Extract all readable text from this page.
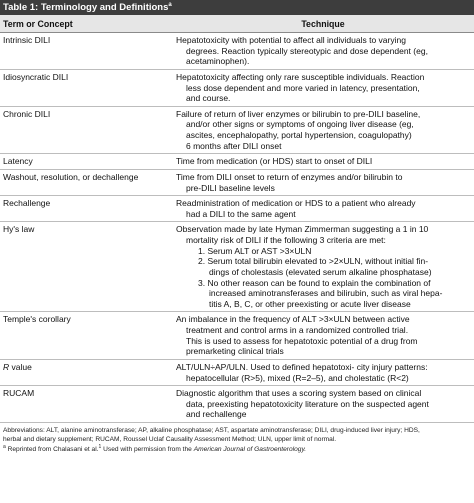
Table 1: Terminology and Definitions$^a$
Term or Concept	Technique
Intrinsic DILI	Hepatotoxicity with potential to affect all individuals to varying
degrees. Reaction typically stereotypic and dose dependent (eg,
acetaminophen).
Idiosyncratic DILI	Hepatotoxicity affecting only rare susceptible individuals. Reaction
less dose dependent and more varied in latency, presentation,
and course.
Chronic DILI	Failure of return of liver enzymes or bilirubin to pre-DILI baseline,
and/or other signs or symptoms of ongoing liver disease (eg,
ascites, encephalopathy, portal hypertension, coagulopathy)
6 months after DILI onset
Latency	Time from medication (or HDS) start to onset of DILI
Washout, resolution, or dechallenge	Time from DILI onset to return of enzymes and/or bilirubin to
pre-DILI baseline levels
Rechallenge	Readministration of medication or HDS to a patient who already
had a DILI to the same agent
Hy's law	Observation made by late Hyman Zimmerman suggesting a 1 in 10
mortality risk of DILI if the following 3 criteria are met:
1. Serum ALT or AST >3×ULN
2. Serum total bilirubin elevated to >2×ULN, without initial fin-
dings of cholestasis (elevated serum alkaline phosphatase)
3. No other reason can be found to explain the combination of
increased aminotransferases and bilirubin, such as viral hepa-
titis A, B, C, or other preexisting or acute liver disease
Temple's corollary	An imbalance in the frequency of ALT >3×ULN between active
treatment and control arms in a randomized controlled trial.
This is used to assess for hepatotoxic potential of a drug from
premarketing clinical trials
R value	ALT/ULN÷AP/ULN. Used to defined hepatotoxi- city injury patterns:
hepatocellular (R>5), mixed (R=2–5), and cholestatic (R<2)
RUCAM	Diagnostic algorithm that uses a scoring system based on clinical
data, preexisting hepatotoxicity literature on the suspected agent
and rechallenge
Abbreviations: ALT, alanine aminotransferase; AP, alkaline phosphatase; AST, aspartate aminotransferase; DILI, drug-induced liver injury; HDS,
herbal and dietary supplement; RUCAM, Roussel Uclaf Causality Assessment Method; ULN, upper limit of normal.
$^a$ Reprinted from Chalasani et al.$^1$ Used with permission from the American Journal of Gastroenterology.
